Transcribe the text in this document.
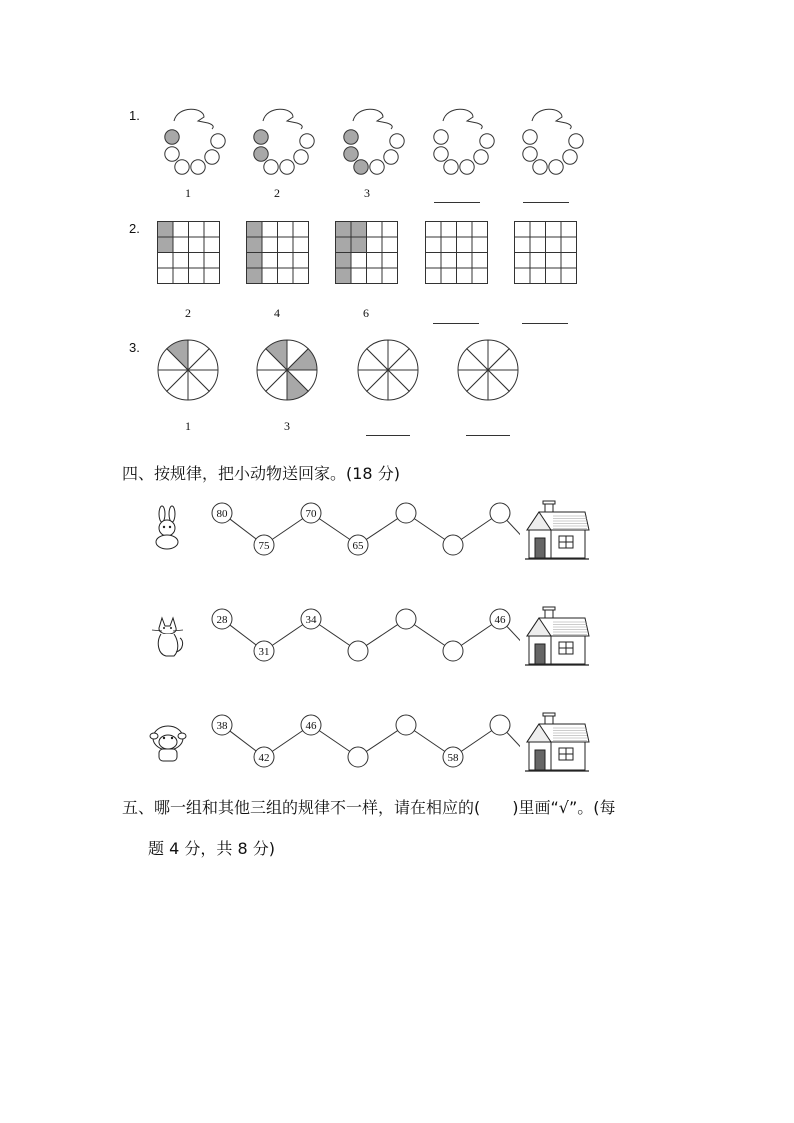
1.
1	2	3
2.
2	4	6
3.
1	3
四、按规律，把小动物送回家。(18 分)
80
75
70
65
28
31
34	46
38
42
46
58
五、哪一组和其他三组的规律不一样，请在相应的(　　)里画“√”。(每
题 4 分，共 8 分)
